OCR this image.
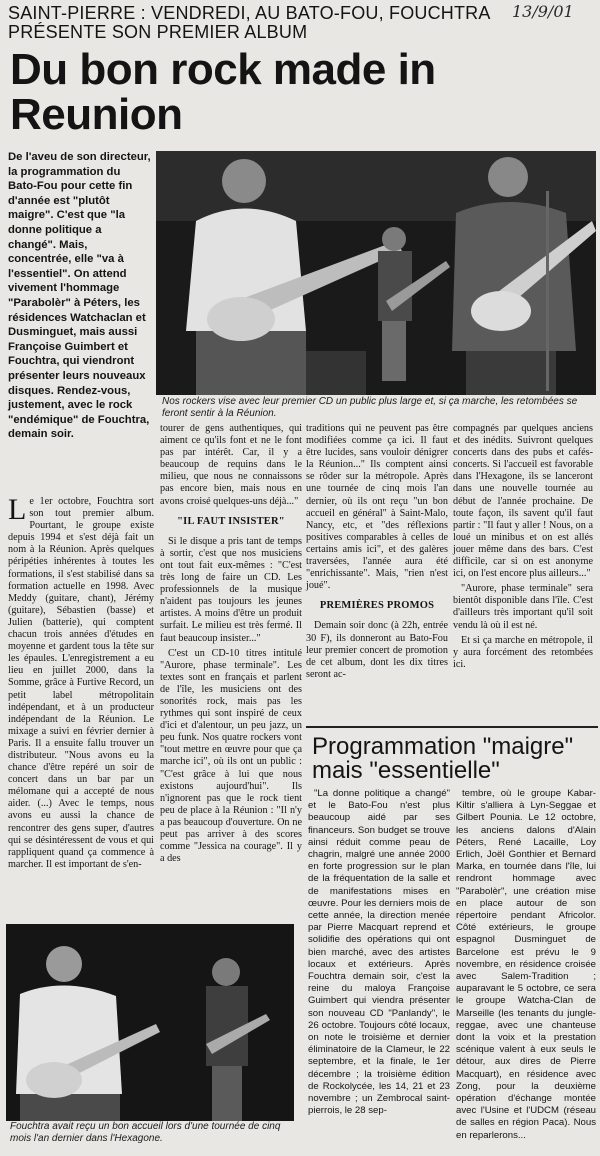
SAINT-PIERRE : VENDREDI, AU BATO-FOU, FOUCHTRA PRÉSENTE SON PREMIER ALBUM
13/9/01
Du bon rock made in Reunion
De l'aveu de son directeur, la programmation du Bato-Fou pour cette fin d'année est "plutôt maigre". C'est que "la donne politique a changé". Mais, concentrée, elle "va à l'essentiel". On attend vivement l'hommage "Parabolèr" à Péters, les résidences Watchaclan et Dusminguet, mais aussi Françoise Guimbert et Fouchtra, qui viendront présenter leurs nouveaux disques. Rendez-vous, justement, avec le rock "endémique" de Fouchtra, demain soir.
Nos rockers vise avec leur premier CD un public plus large et, si ça marche, les retombées se feront sentir à la Réunion.

Le 1er octobre, Fouchtra sort son tout premier album. Pourtant, le groupe existe depuis 1994 et s'est déjà fait un nom à la Réunion. Après quelques péripéties inhérentes à toutes les formations, il s'est stabilisé dans sa formation actuelle en 1998. Avec Meddy (guitare, chant), Jérémy (guitare), Sébastien (basse) et Julien (batterie), qui comptent chacun trois années d'études en moyenne et gardent tous la tête sur les épaules. L'enregistrement a eu lieu en juillet 2000, dans la Somme, grâce à Furtive Record, un petit label métropolitain indépendant, et à un producteur indépendant de la Réunion. Le mixage a suivi en février dernier à Paris. Il a ensuite fallu trouver un distributeur. "Nous avons eu la chance d'être repéré un soir de concert dans un bar par un mélomane qui a accepté de nous aider. (...) Avec le temps, nous avons eu aussi la chance de rencontrer des gens super, d'autres qui se désintéressent de vous et qui rappliquent quand ça commence à marcher. Il est important de s'en-

tourer de gens authentiques, qui aiment ce qu'ils font et ne le font pas par intérêt. Car, il y a beaucoup de requins dans le milieu, que nous ne connaissons pas encore bien, mais nous en avons croisé quelques-uns déjà..."

"IL FAUT INSISTER"

Si le disque a pris tant de temps à sortir, c'est que nos musiciens ont tout fait eux-mêmes : "C'est très long de faire un CD. Les professionnels de la musique n'aident pas toujours les jeunes artistes. A moins d'être un produit surfait. Le milieu est très fermé. Il faut beaucoup insister..."

C'est un CD-10 titres intitulé "Aurore, phase terminale". Les textes sont en français et parlent de l'île, les musiciens ont des sonorités rock, mais pas les rythmes qui sont inspiré de ceux d'ici et d'alentour, un peu jazz, un peu funk. Nos quatre rockers vont "tout mettre en œuvre pour que ça marche ici", où ils ont un public : "C'est grâce à lui que nous existons aujourd'hui". Ils n'ignorent pas que le rock tient peu de place à la Réunion : "Il n'y a pas beaucoup d'ouverture. On ne peut pas arriver à des scores comme "Jessica na courage". Il y a des

traditions qui ne peuvent pas être modifiées comme ça ici. Il faut être lucides, sans vouloir dénigrer la Réunion..." Ils comptent ainsi se rôder sur la métropole. Après une tournée de cinq mois l'an dernier, où ils ont reçu "un bon accueil en général" à Saint-Malo, Nancy, etc, et "des réflexions positives comparables à celles de certains amis ici", et des galères traversées, l'année aura été "enrichissante". Mais, "rien n'est joué".

PREMIÈRES PROMOS

Demain soir donc (à 22h, entrée 30 F), ils donneront au Bato-Fou leur premier concert de promotion de cet album, dont les dix titres seront ac-

compagnés par quelques anciens et des inédits. Suivront quelques concerts dans des pubs et cafés-concerts. Si l'accueil est favorable dans l'Hexagone, ils se lanceront dans une nouvelle tournée au début de l'année prochaine. De toute façon, ils savent qu'il faut partir : "Il faut y aller ! Nous, on a loué un minibus et on est allés jouer même dans des bars. C'est difficile, car si on est anonyme ici, on l'est encore plus ailleurs..."

"Aurore, phase terminale" sera bientôt disponible dans l'île. C'est d'ailleurs très important qu'il soit vendu là où il est né.

Et si ça marche en métropole, il y aura forcément des retombées ici.

Fouchtra avait reçu un bon accueil lors d'une tournée de cinq mois l'an dernier dans l'Hexagone.
Programmation "maigre" mais "essentielle"

"La donne politique a changé" et le Bato-Fou n'est plus beaucoup aidé par ses financeurs. Son budget se trouve ainsi réduit comme peau de chagrin, malgré une année 2000 en forte progression sur le plan de la fréquentation de la salle et de manifestations mises en œuvre. Pour les derniers mois de cette année, la direction menée par Pierre Macquart reprend et solidifie des opérations qui ont bien marché, avec des artistes locaux et extérieurs. Après Fouchtra demain soir, c'est la reine du maloya Françoise Guimbert qui viendra présenter son nouveau CD "Panlandy", le 26 octobre. Toujours côté locaux, on note le troisième et dernier éliminatoire de la Clameur, le 22 septembre, et la finale, le 1er décembre ; la troisième édition de Rockolycée, les 14, 21 et 23 novembre ; un Zembrocal saint-pierrois, le 28 sep-

tembre, où le groupe Kabar-Kiltir s'alliera à Lyn-Seggae et Gilbert Pounia. Le 12 octobre, les anciens dalons d'Alain Péters, René Lacaille, Loy Erlich, Joël Gonthier et Bernard Marka, en tournée dans l'île, lui rendront hommage avec "Parabolèr", une création mise en place autour de son répertoire pendant Africolor. Côté extérieurs, le groupe espagnol Dusminguet de Barcelone est prévu le 9 novembre, en résidence croisée avec Salem-Tradition ; auparavant le 5 octobre, ce sera le groupe Watcha-Clan de Marseille (les tenants du jungle-reggae, avec une chanteuse dont la voix et la prestation scénique valent à eux seuls le détour, aux dires de Pierre Macquart), en résidence avec Zong, pour la deuxième opération d'échange montée avec l'Usine et l'UDCM (réseau de salles en région Paca). Nous en reparlerons...
